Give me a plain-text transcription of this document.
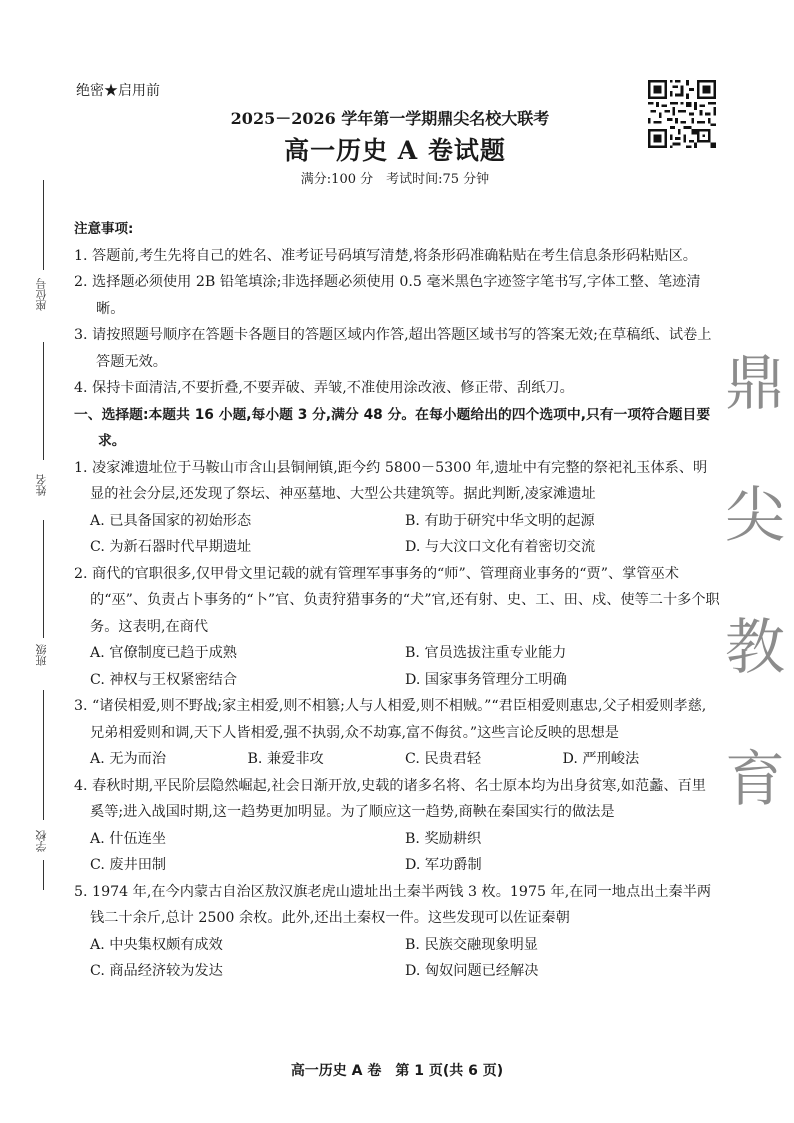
座位号
姓名
班级
学校
绝密★启用前
2025－2026 学年第一学期鼎尖名校大联考
高一历史 A 卷试题
满分:100 分　考试时间:75 分钟
注意事项:
1. 答题前,考生先将自己的姓名、准考证号码填写清楚,将条形码准确粘贴在考生信息条形码粘贴区。
2. 选择题必须使用 2B 铅笔填涂;非选择题必须使用 0.5 毫米黑色字迹签字笔书写,字体工整、笔迹清晰。
3. 请按照题号顺序在答题卡各题目的答题区域内作答,超出答题区域书写的答案无效;在草稿纸、试卷上答题无效。
4. 保持卡面清洁,不要折叠,不要弄破、弄皱,不准使用涂改液、修正带、刮纸刀。
一、选择题:本题共 16 小题,每小题 3 分,满分 48 分。在每小题给出的四个选项中,只有一项符合题目要求。
1. 凌家滩遗址位于马鞍山市含山县铜闸镇,距今约 5800－5300 年,遗址中有完整的祭祀礼玉体系、明显的社会分层,还发现了祭坛、神巫墓地、大型公共建筑等。据此判断,凌家滩遗址
A. 已具备国家的初始形态	B. 有助于研究中华文明的起源
C. 为新石器时代早期遗址	D. 与大汶口文化有着密切交流
2. 商代的官职很多,仅甲骨文里记载的就有管理军事事务的“师”、管理商业事务的“贾”、掌管巫术的“巫”、负责占卜事务的“卜”官、负责狩猎事务的“犬”官,还有射、史、工、田、戍、使等二十多个职务。这表明,在商代
A. 官僚制度已趋于成熟	B. 官员选拔注重专业能力
C. 神权与王权紧密结合	D. 国家事务管理分工明确
3. “诸侯相爱,则不野战;家主相爱,则不相篡;人与人相爱,则不相贼。”“君臣相爱则惠忠,父子相爱则孝慈,兄弟相爱则和调,天下人皆相爱,强不执弱,众不劫寡,富不侮贫。”这些言论反映的思想是
A. 无为而治	B. 兼爱非攻	C. 民贵君轻	D. 严刑峻法
4. 春秋时期,平民阶层隐然崛起,社会日渐开放,史载的诸多名将、名士原本均为出身贫寒,如范蠡、百里奚等;进入战国时期,这一趋势更加明显。为了顺应这一趋势,商鞅在秦国实行的做法是
A. 什伍连坐	B. 奖励耕织
C. 废井田制	D. 军功爵制
5. 1974 年,在今内蒙古自治区敖汉旗老虎山遗址出土秦半两钱 3 枚。1975 年,在同一地点出土秦半两钱二十余斤,总计 2500 余枚。此外,还出土秦权一件。这些发现可以佐证秦朝
A. 中央集权颇有成效	B. 民族交融现象明显
C. 商品经济较为发达	D. 匈奴问题已经解决
鼎
尖
教
育
高一历史 A 卷　第 1 页(共 6 页)
